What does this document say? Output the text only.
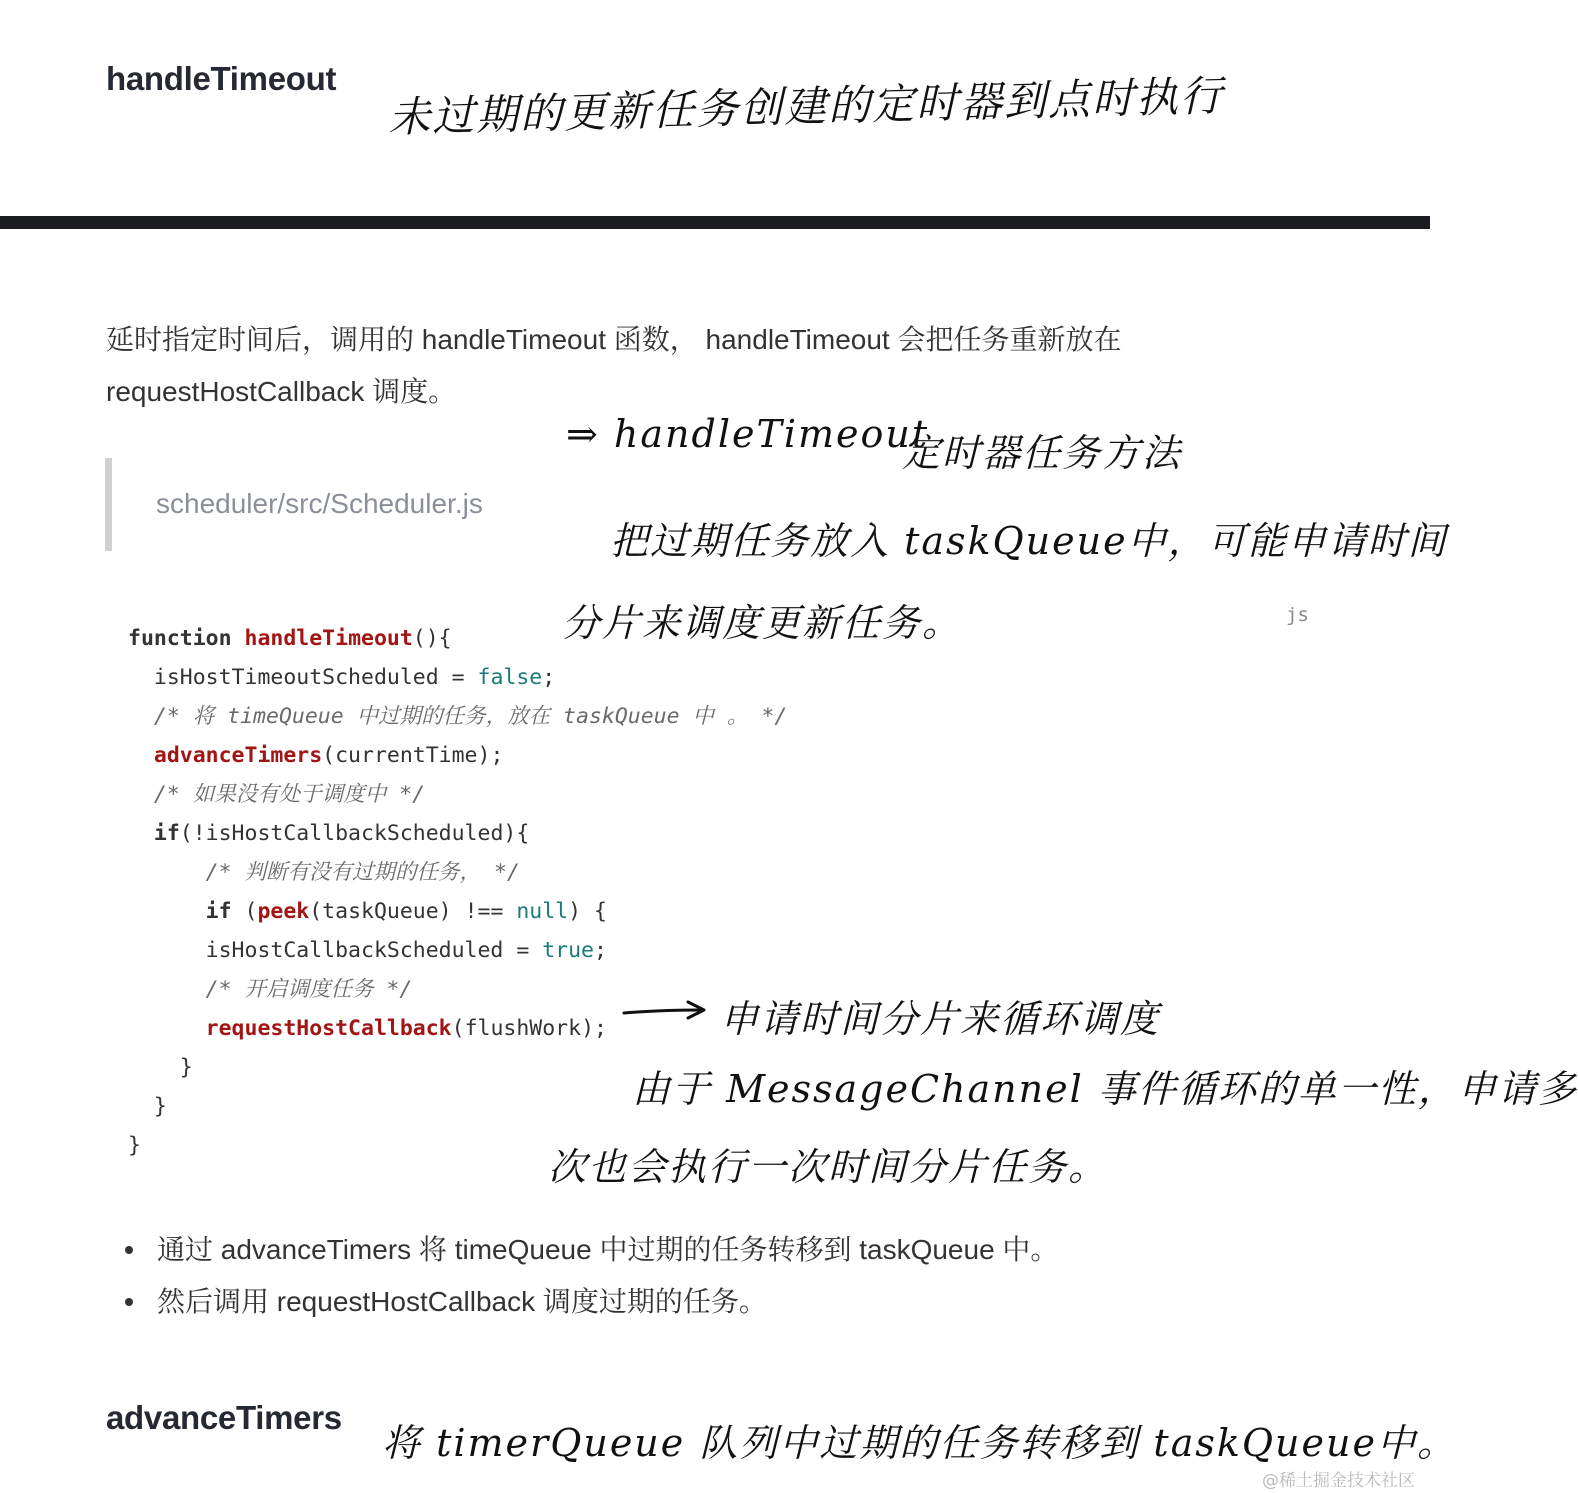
handleTimeout 未过期的更新任务创建的定时器到点时执行
延时指定时间后，调用的 handleTimeout 函数， handleTimeout 会把任务重新放在
requestHostCallback 调度。
⇒ handleTimeout
定时器任务方法
scheduler/src/Scheduler.js
把过期任务放入 taskQueue中，可能申请时间
分片来调度更新任务。	js
function handleTimeout(){
isHostTimeoutScheduled = false;
/* 将 timeQueue 中过期的任务，放在 taskQueue 中 。 */
advanceTimers(currentTime);
/* 如果没有处于调度中 */
if(!isHostCallbackScheduled){
/* 判断有没有过期的任务， */
if (peek(taskQueue) !== null) {
isHostCallbackScheduled = true;
/* 开启调度任务 */
requestHostCallback(flushWork);
}
}
}
申请时间分片来循环调度
由于 MessageChannel 事件循环的单一性，申请多
次也会执行一次时间分片任务。
通过 advanceTimers 将 timeQueue 中过期的任务转移到 taskQueue 中。
然后调用 requestHostCallback 调度过期的任务。
advanceTimers
将 timerQueue 队列中过期的任务转移到 taskQueue中。
@稀土掘金技术社区
